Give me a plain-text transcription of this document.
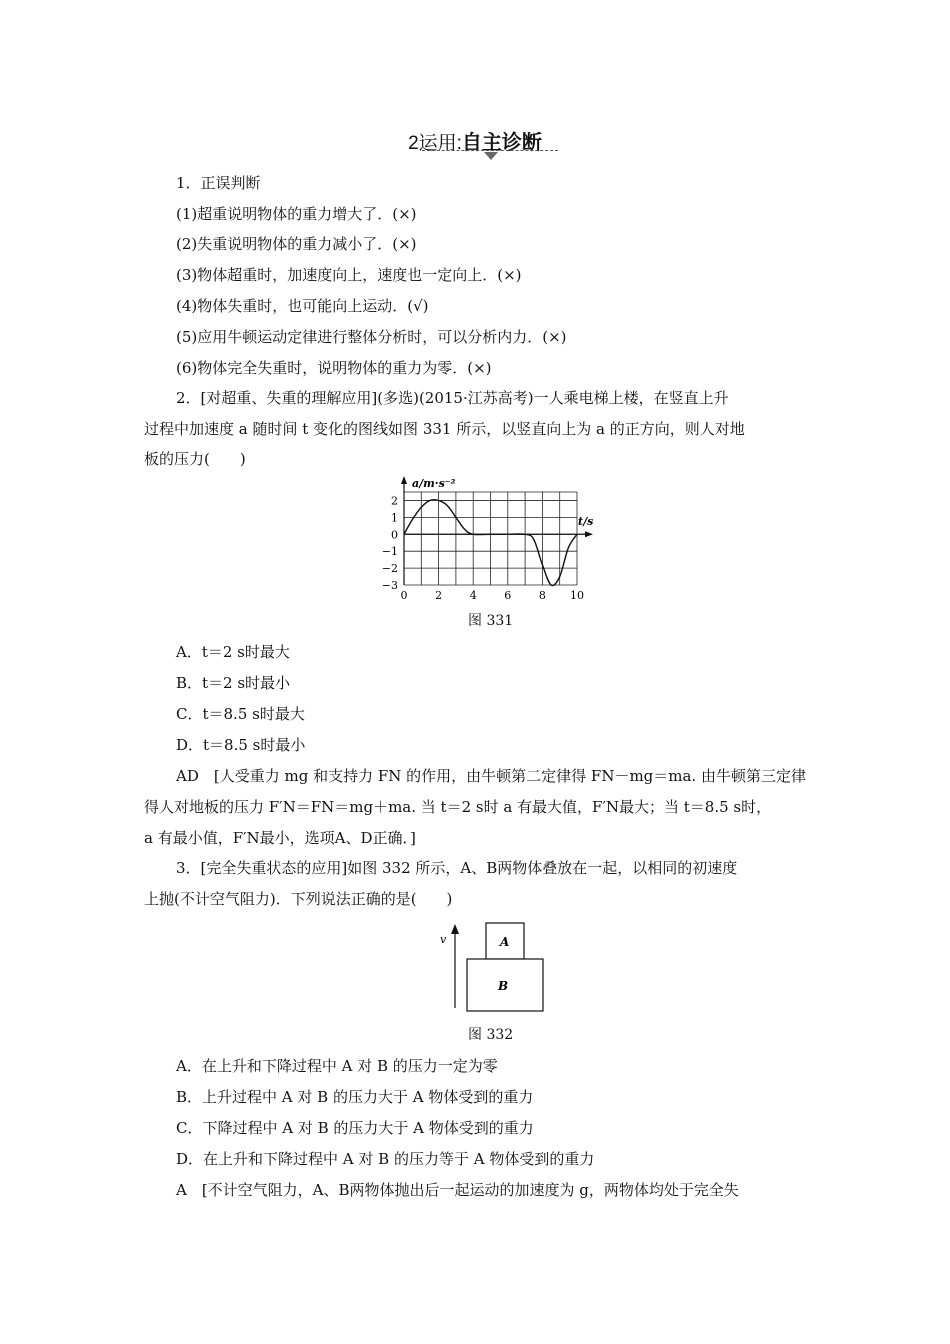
2运用:自主诊断
1．正误判断
(1)超重说明物体的重力增大了．(×)
(2)失重说明物体的重力减小了．(×)
(3)物体超重时，加速度向上，速度也一定向上．(×)
(4)物体失重时，也可能向上运动．(√)
(5)应用牛顿运动定律进行整体分析时，可以分析内力．(×)
(6)物体完全失重时，说明物体的重力为零．(×)
2．[对超重、失重的理解应用](多选)(2015·江苏高考)一人乘电梯上楼，在竖直上升
过程中加速度 a 随时间 t 变化的图线如图 331 所示，以竖直向上为 a 的正方向，则人对地
板的压力(　　)
2
1
0
−1
−2
−3
0	2	4	6	8 10
a/m·s⁻²
t/s
图 331
A．t＝2 s时最大
B．t＝2 s时最小
C．t＝8.5 s时最大
D．t＝8.5 s时最小
AD　[人受重力 mg 和支持力 FN 的作用，由牛顿第二定律得 FN－mg＝ma. 由牛顿第三定律
得人对地板的压力 F′N＝FN＝mg＋ma. 当 t＝2 s时 a 有最大值，F′N最大；当 t＝8.5 s时，
a 有最小值，F′N最小，选项A、D正确．]
3．[完全失重状态的应用]如图 332 所示，A、B两物体叠放在一起，以相同的初速度
上抛(不计空气阻力)．下列说法正确的是(　　)
v	A
B
图 332
A．在上升和下降过程中 A 对 B 的压力一定为零
B．上升过程中 A 对 B 的压力大于 A 物体受到的重力
C．下降过程中 A 对 B 的压力大于 A 物体受到的重力
D．在上升和下降过程中 A 对 B 的压力等于 A 物体受到的重力
A　[不计空气阻力，A、B两物体抛出后一起运动的加速度为 g，两物体均处于完全失
